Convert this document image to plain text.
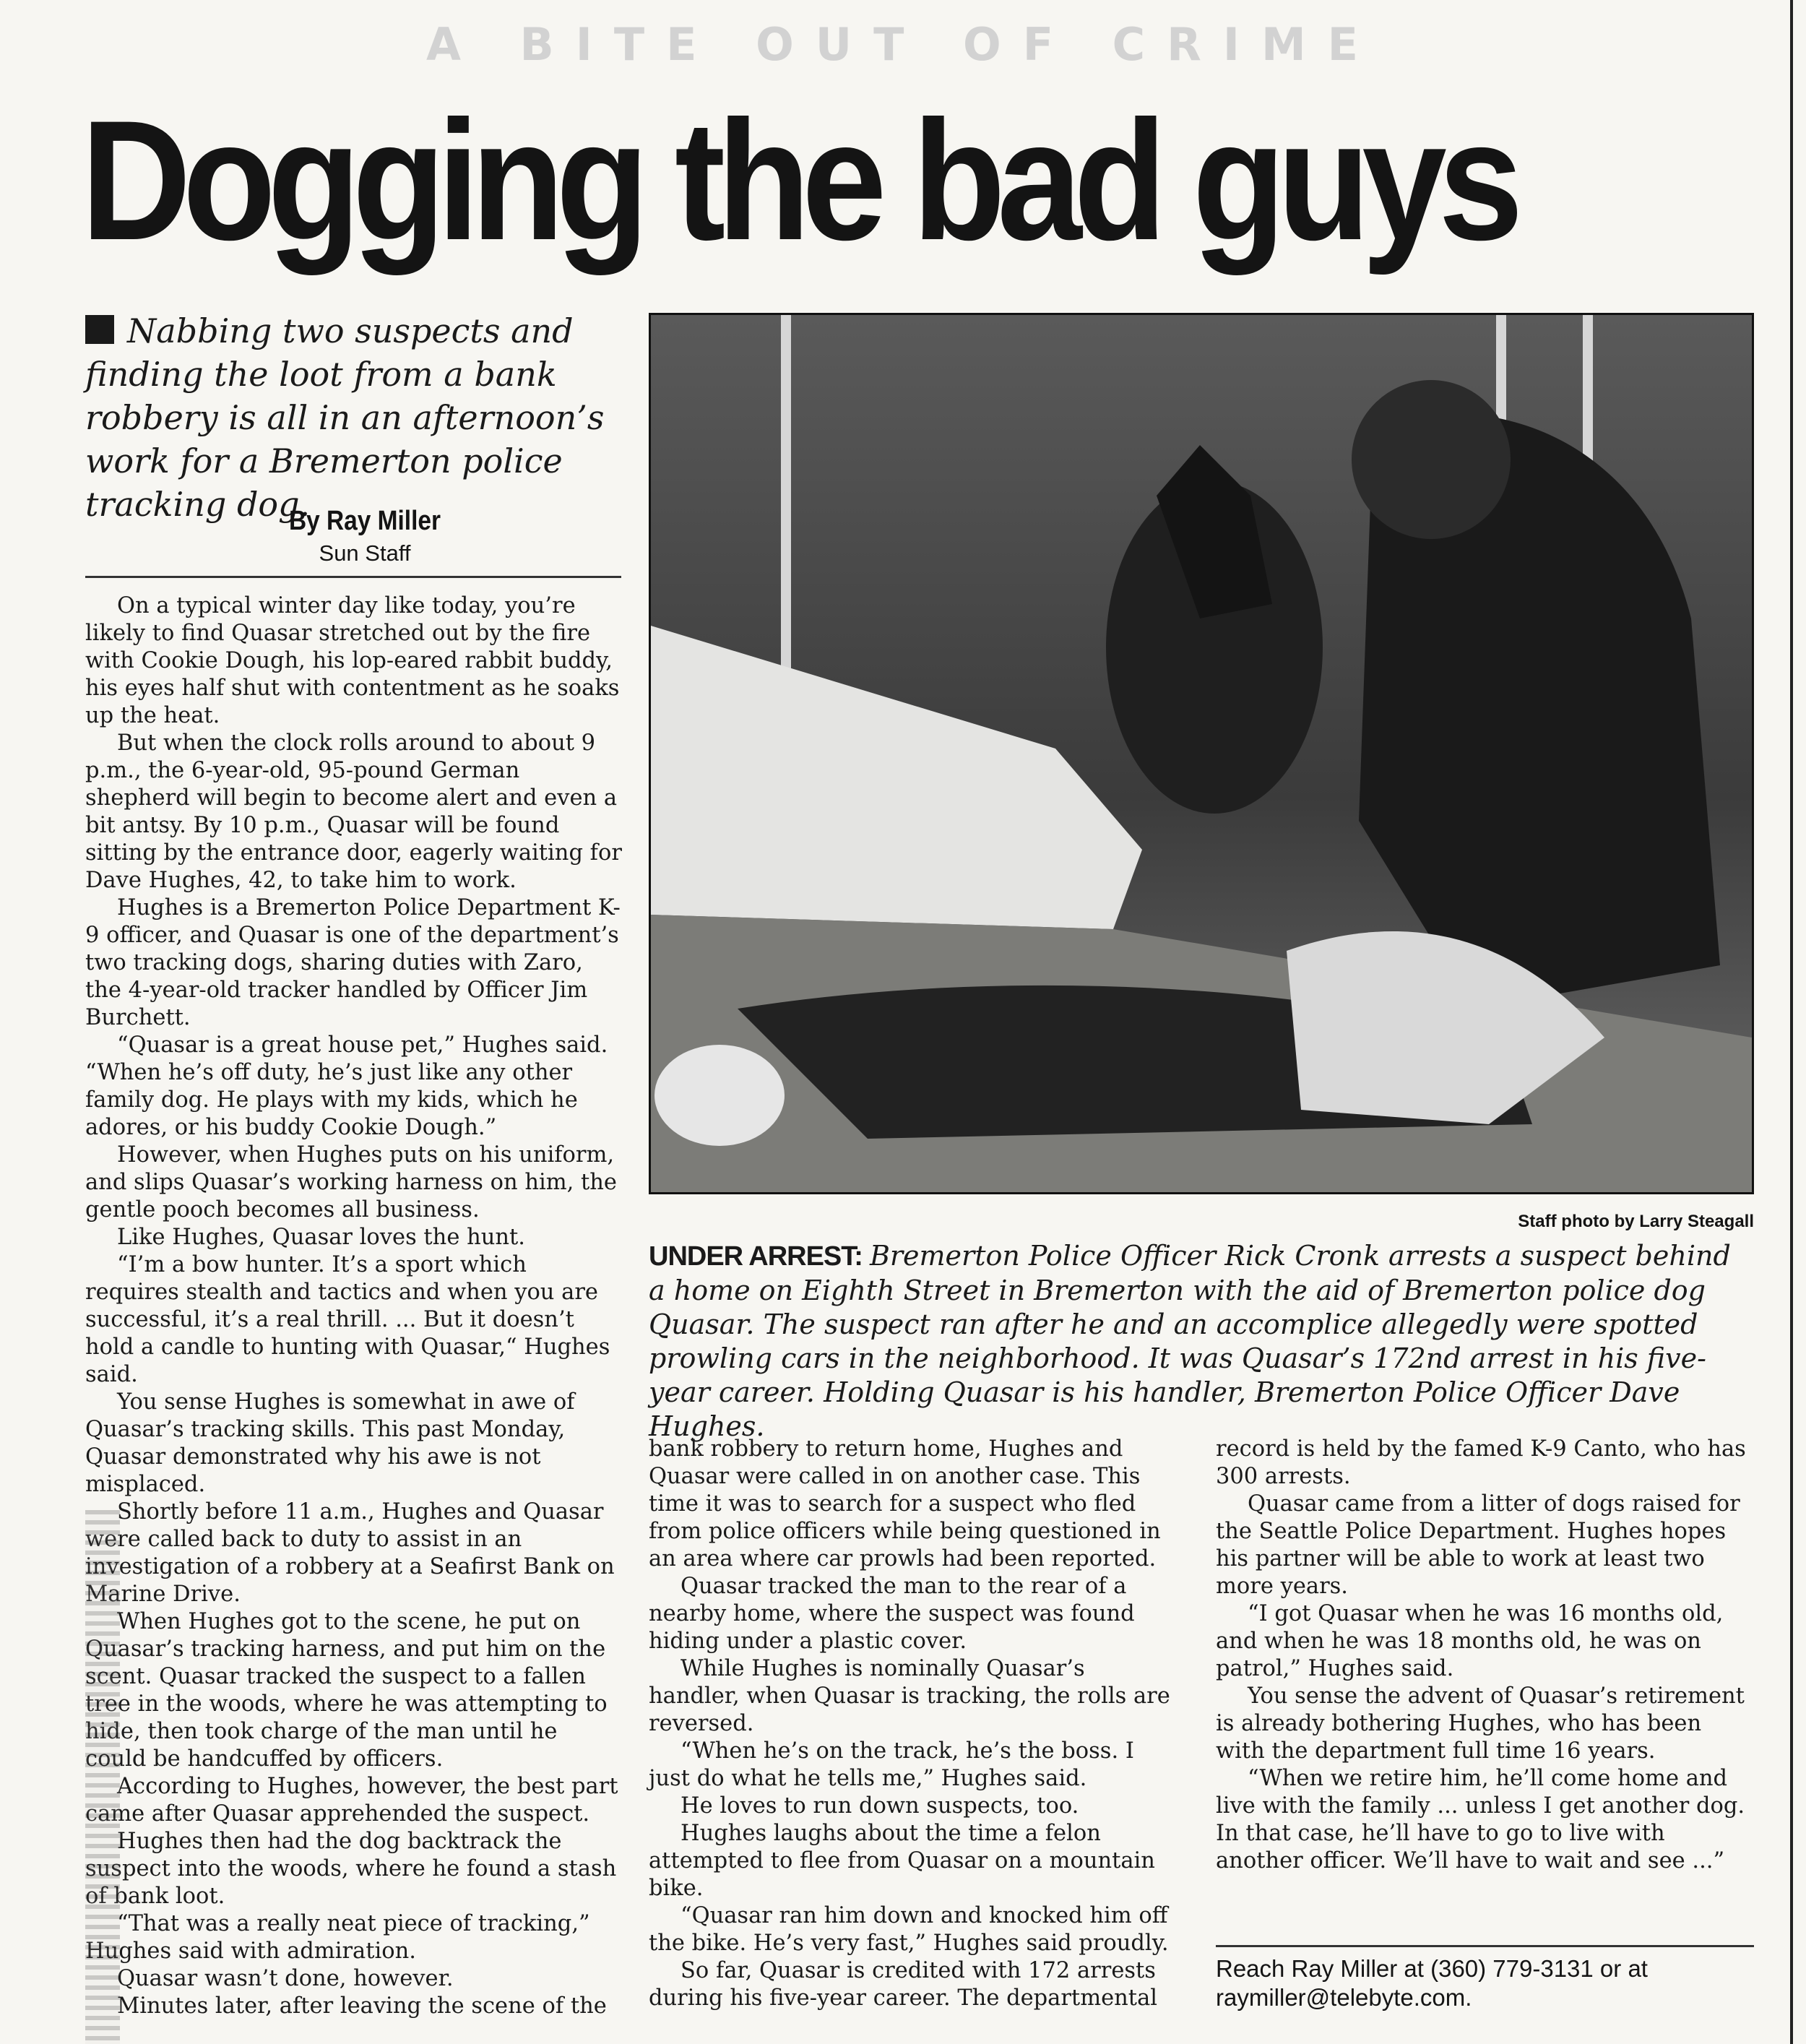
A BITE OUT OF CRIME
Dogging the bad guys
Nabbing two suspects and finding the loot from a bank robbery is all in an afternoon’s work for a Bremerton police tracking dog.
By Ray Miller
Sun Staff

On a typical winter day like today, you’re likely to find Quasar stretched out by the fire with Cookie Dough, his lop-eared rabbit buddy, his eyes half shut with contentment as he soaks up the heat.

But when the clock rolls around to about 9 p.m., the 6-year-old, 95-pound German shepherd will begin to become alert and even a bit antsy. By 10 p.m., Quasar will be found sitting by the entrance door, eagerly waiting for Dave Hughes, 42, to take him to work.

Hughes is a Bremerton Police Department K-9 officer, and Quasar is one of the department’s two tracking dogs, sharing duties with Zaro, the 4-year-old tracker handled by Officer Jim Burchett.

“Quasar is a great house pet,” Hughes said. “When he’s off duty, he’s just like any other family dog. He plays with my kids, which he adores, or his buddy Cookie Dough.”

However, when Hughes puts on his uniform, and slips Quasar’s working harness on him, the gentle pooch becomes all business.

Like Hughes, Quasar loves the hunt.

“I’m a bow hunter. It’s a sport which requires stealth and tactics and when you are successful, it’s a real thrill. ... But it doesn’t hold a candle to hunting with Quasar,“ Hughes said.

You sense Hughes is somewhat in awe of Quasar’s tracking skills. This past Monday, Quasar demonstrated why his awe is not misplaced.

Shortly before 11 a.m., Hughes and Quasar were called back to duty to assist in an investigation of a robbery at a Seafirst Bank on Marine Drive.

When Hughes got to the scene, he put on Quasar’s tracking harness, and put him on the scent. Quasar tracked the suspect to a fallen tree in the woods, where he was attempting to hide, then took charge of the man until he could be handcuffed by officers.

According to Hughes, however, the best part came after Quasar apprehended the suspect.

Hughes then had the dog backtrack the suspect into the woods, where he found a stash of bank loot.

“That was a really neat piece of tracking,” Hughes said with admiration.

Quasar wasn’t done, however.

Minutes later, after leaving the scene of the

Staff photo by Larry Steagall
UNDER ARREST: Bremerton Police Officer Rick Cronk arrests a suspect behind a home on Eighth Street in Bremerton with the aid of Bremerton police dog Quasar. The suspect ran after he and an accomplice allegedly were spotted prowling cars in the neighborhood. It was Quasar’s 172nd arrest in his five-year career. Holding Quasar is his handler, Bremerton Police Officer Dave Hughes.

bank robbery to return home, Hughes and Quasar were called in on another case. This time it was to search for a suspect who fled from police officers while being questioned in an area where car prowls had been reported.

Quasar tracked the man to the rear of a nearby home, where the suspect was found hiding under a plastic cover.

While Hughes is nominally Quasar’s handler, when Quasar is tracking, the rolls are reversed.

“When he’s on the track, he’s the boss. I just do what he tells me,” Hughes said.

He loves to run down suspects, too.

Hughes laughs about the time a felon attempted to flee from Quasar on a mountain bike.

“Quasar ran him down and knocked him off the bike. He’s very fast,” Hughes said proudly.

So far, Quasar is credited with 172 arrests during his five-year career. The departmental

record is held by the famed K-9 Canto, who has 300 arrests.

Quasar came from a litter of dogs raised for the Seattle Police Department. Hughes hopes his partner will be able to work at least two more years.

“I got Quasar when he was 16 months old, and when he was 18 months old, he was on patrol,” Hughes said.

You sense the advent of Quasar’s retirement is already bothering Hughes, who has been with the department full time 16 years.

“When we retire him, he’ll come home and live with the family ... unless I get another dog. In that case, he’ll have to go to live with another officer. We’ll have to wait and see ...”

Reach Ray Miller at (360) 779-3131 or at
raymiller@telebyte.com.
